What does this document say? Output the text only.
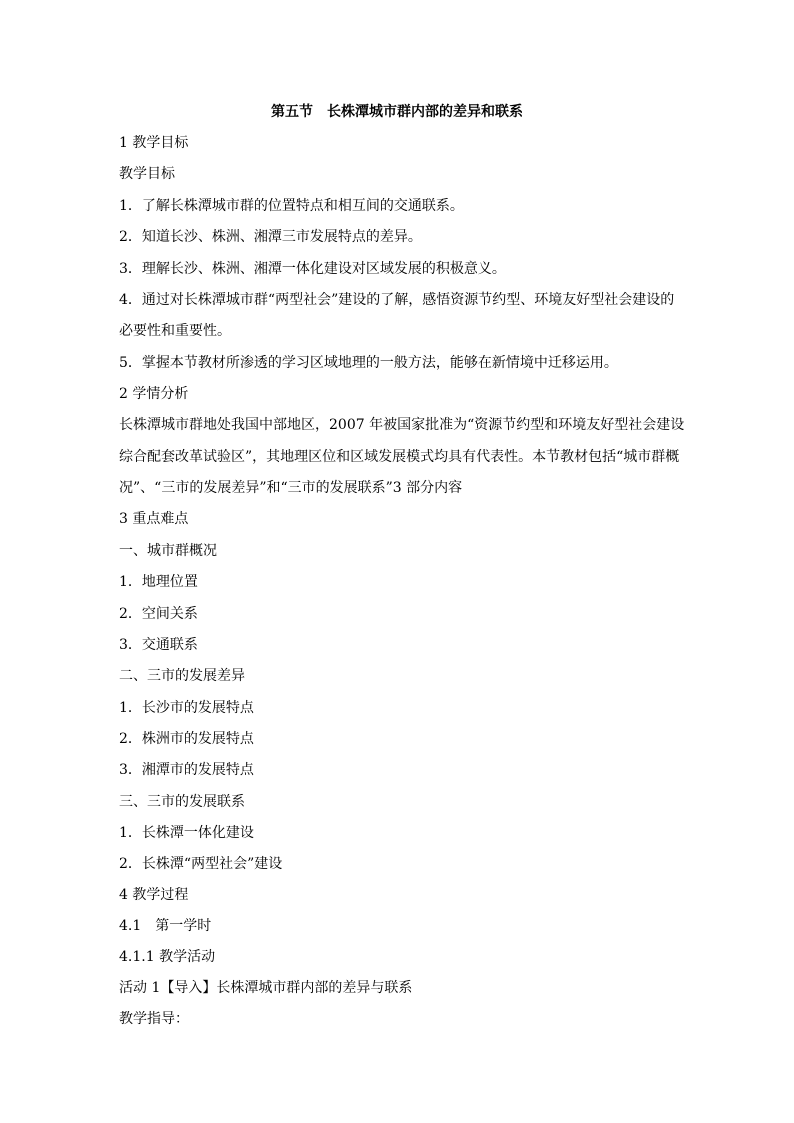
第五节　长株潭城市群内部的差异和联系
1 教学目标
教学目标
1．了解长株潭城市群的位置特点和相互间的交通联系。
2．知道长沙、株洲、湘潭三市发展特点的差异。
3．理解长沙、株洲、湘潭一体化建设对区域发展的积极意义。
4．通过对长株潭城市群“两型社会”建设的了解，感悟资源节约型、环境友好型社会建设的
必要性和重要性。
5．掌握本节教材所渗透的学习区域地理的一般方法，能够在新情境中迁移运用。
2 学情分析
长株潭城市群地处我国中部地区，2007 年被国家批准为“资源节约型和环境友好型社会建设
综合配套改革试验区”，其地理区位和区域发展模式均具有代表性。本节教材包括“城市群概
况”、“三市的发展差异”和“三市的发展联系”3 部分内容
3 重点难点
一、城市群概况
1．地理位置
2．空间关系
3．交通联系
二、三市的发展差异
1．长沙市的发展特点
2．株洲市的发展特点
3．湘潭市的发展特点
三、三市的发展联系
1．长株潭一体化建设
2．长株潭“两型社会”建设
4 教学过程
4.1　第一学时
4.1.1 教学活动
活动 1【导入】长株潭城市群内部的差异与联系
教学指导：
